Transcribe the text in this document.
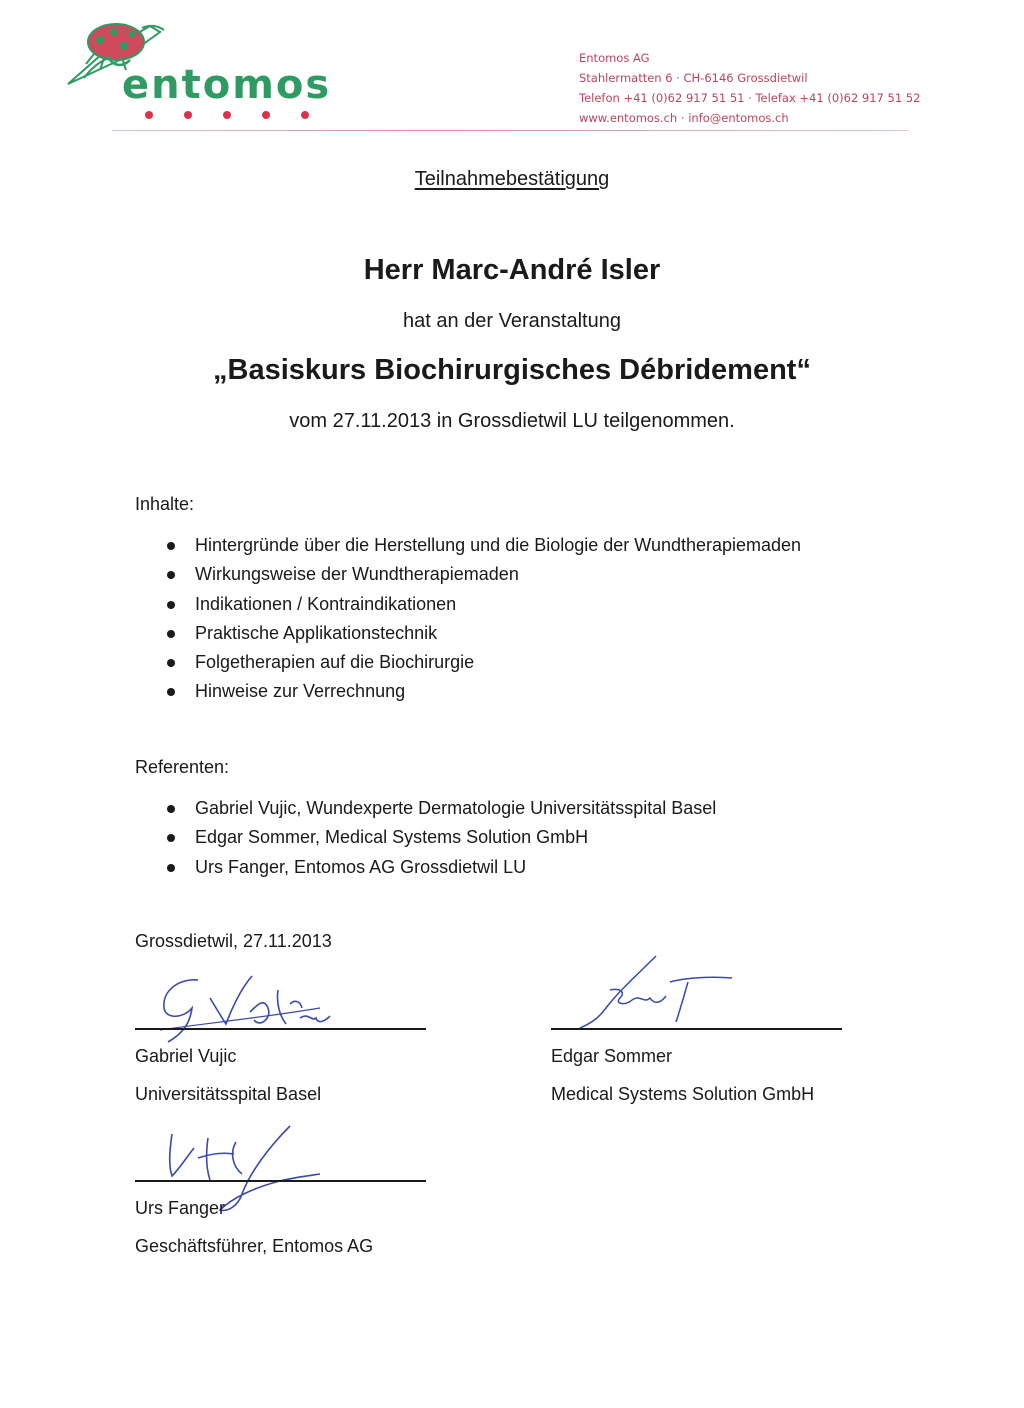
entomos
Entomos AG
Stahlermatten 6 · CH-6146 Grossdietwil
Telefon +41 (0)62 917 51 51 · Telefax +41 (0)62 917 51 52
www.entomos.ch · info@entomos.ch
Teilnahmebestätigung
Herr Marc-André Isler
hat an der Veranstaltung
„Basiskurs Biochirurgisches Débridement“
vom 27.11.2013 in Grossdietwil LU teilgenommen.
Inhalte:
Hintergründe über die Herstellung und die Biologie der Wundtherapiemaden
Wirkungsweise der Wundtherapiemaden
Indikationen / Kontraindikationen
Praktische Applikationstechnik
Folgetherapien auf die Biochirurgie
Hinweise zur Verrechnung
Referenten:
Gabriel Vujic, Wundexperte Dermatologie Universitätsspital Basel
Edgar Sommer, Medical Systems Solution GmbH
Urs Fanger, Entomos AG Grossdietwil LU
Grossdietwil, 27.11.2013
Gabriel Vujic
Universitätsspital Basel
Edgar Sommer
Medical Systems Solution GmbH
Urs Fanger
Geschäftsführer, Entomos AG
